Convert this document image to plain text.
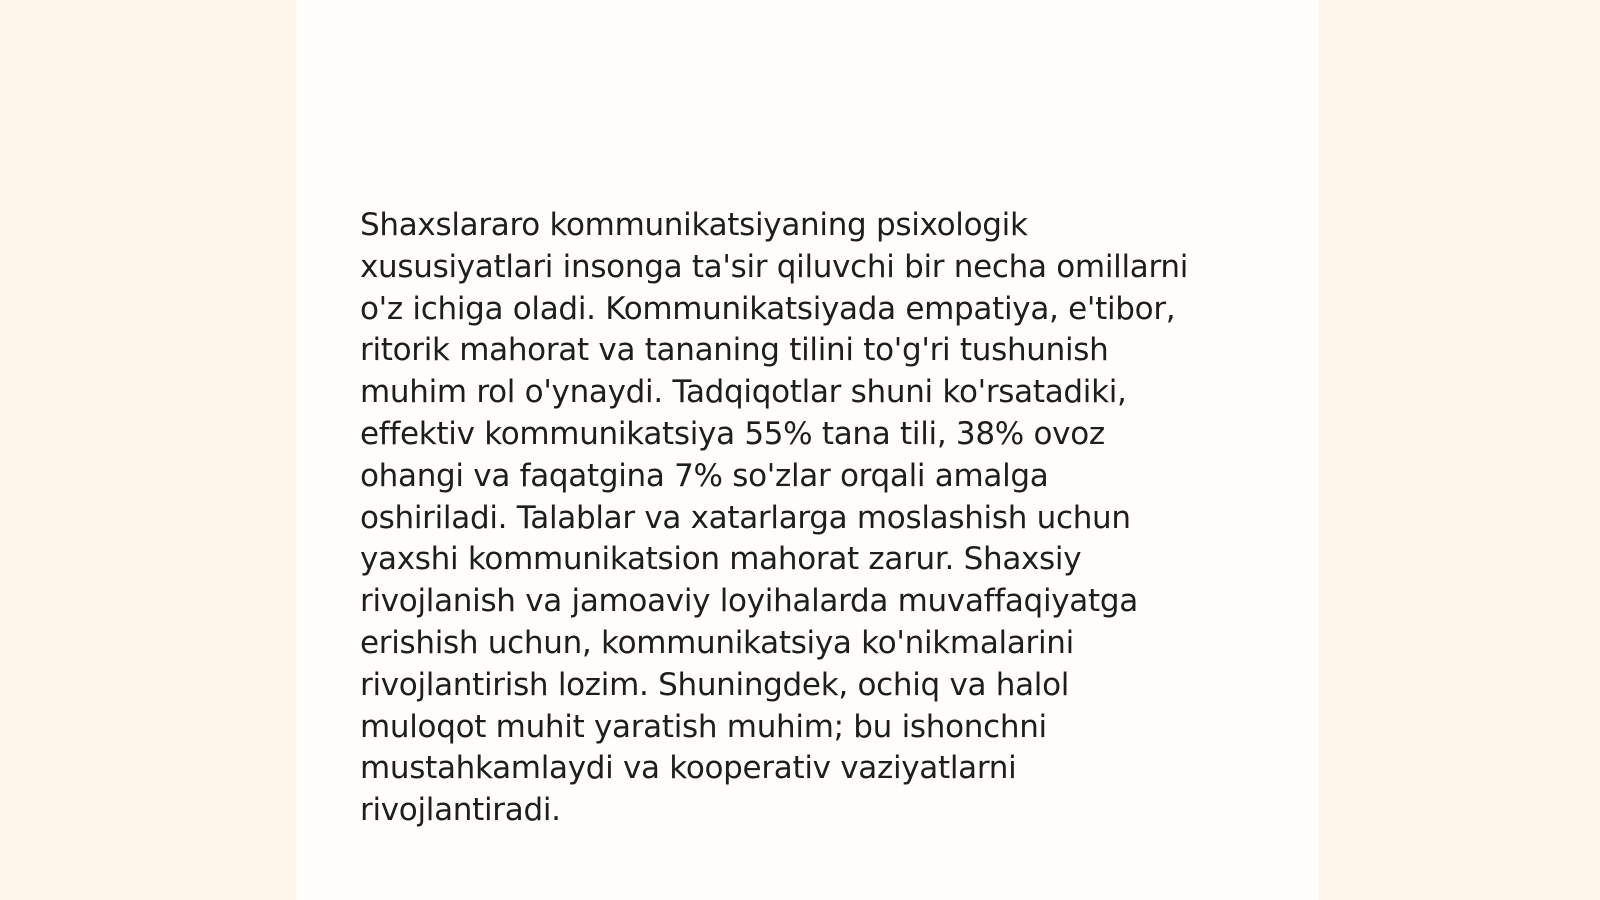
Shaxslararo kommunikatsiyaning psixologik
xususiyatlari insonga ta'sir qiluvchi bir necha omillarni
o'z ichiga oladi. Kommunikatsiyada empatiya, e'tibor,
ritorik mahorat va tananing tilini to'g'ri tushunish
muhim rol o'ynaydi. Tadqiqotlar shuni ko'rsatadiki,
effektiv kommunikatsiya 55% tana tili, 38% ovoz
ohangi va faqatgina 7% so'zlar orqali amalga
oshiriladi. Talablar va xatarlarga moslashish uchun
yaxshi kommunikatsion mahorat zarur. Shaxsiy
rivojlanish va jamoaviy loyihalarda muvaffaqiyatga
erishish uchun, kommunikatsiya ko'nikmalarini
rivojlantirish lozim. Shuningdek, ochiq va halol
muloqot muhit yaratish muhim; bu ishonchni
mustahkamlaydi va kooperativ vaziyatlarni
rivojlantiradi.
